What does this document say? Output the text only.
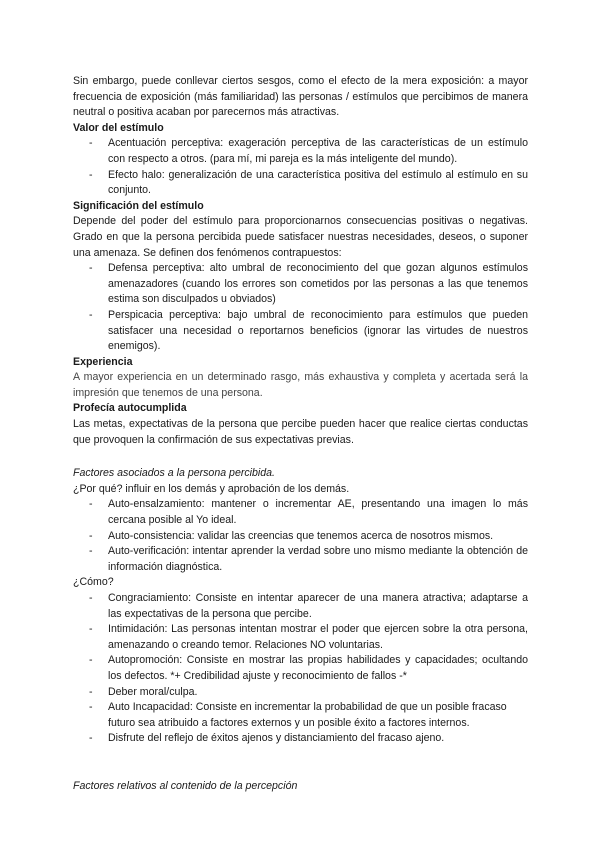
Sin embargo, puede conllevar ciertos sesgos, como el efecto de la mera exposición: a mayor frecuencia de exposición (más familiaridad) las personas / estímulos que percibimos de manera neutral o positiva acaban por parecernos más atractivas.

Valor del estímulo

- Acentuación perceptiva: exageración perceptiva de las características de un estímulo con respecto a otros. (para mí, mi pareja es la más inteligente del mundo).
- Efecto halo: generalización de una característica positiva del estímulo al estímulo en su conjunto.

Significación del estímulo

Depende del poder del estímulo para proporcionarnos consecuencias positivas o negativas. Grado en que la persona percibida puede satisfacer nuestras necesidades, deseos, o suponer una amenaza. Se definen dos fenómenos contrapuestos:

- Defensa perceptiva: alto umbral de reconocimiento del que gozan algunos estímulos amenazadores (cuando los errores son cometidos por las personas a las que tenemos estima son disculpados u obviados)
- Perspicacia perceptiva: bajo umbral de reconocimiento para estímulos que pueden satisfacer una necesidad o reportarnos beneficios (ignorar las virtudes de nuestros enemigos).

Experiencia

A mayor experiencia en un determinado rasgo, más exhaustiva y completa y acertada será la impresión que tenemos de una persona.

Profecía autocumplida

Las metas, expectativas de la persona que percibe pueden hacer que realice ciertas conductas que provoquen la confirmación de sus expectativas previas.

Factores asociados a la persona percibida.

¿Por qué? influir en los demás y aprobación de los demás.

- Auto-ensalzamiento: mantener o incrementar AE, presentando una imagen lo más cercana posible al Yo ideal.
- Auto-consistencia: validar las creencias que tenemos acerca de nosotros mismos.
- Auto-verificación: intentar aprender la verdad sobre uno mismo mediante la obtención de información diagnóstica.

¿Cómo?

- Congraciamiento: Consiste en intentar aparecer de una manera atractiva; adaptarse a las expectativas de la persona que percibe.
- Intimidación: Las personas intentan mostrar el poder que ejercen sobre la otra persona, amenazando o creando temor. Relaciones NO voluntarias.
- Autopromoción: Consiste en mostrar las propias habilidades y capacidades; ocultando los defectos. *+ Credibilidad ajuste y reconocimiento de fallos -*
- Deber moral/culpa.
- Auto Incapacidad: Consiste en incrementar la probabilidad de que un posible fracaso futuro sea atribuido a factores externos y un posible éxito a factores internos.
- Disfrute del reflejo de éxitos ajenos y distanciamiento del fracaso ajeno.

Factores relativos al contenido de la percepción
